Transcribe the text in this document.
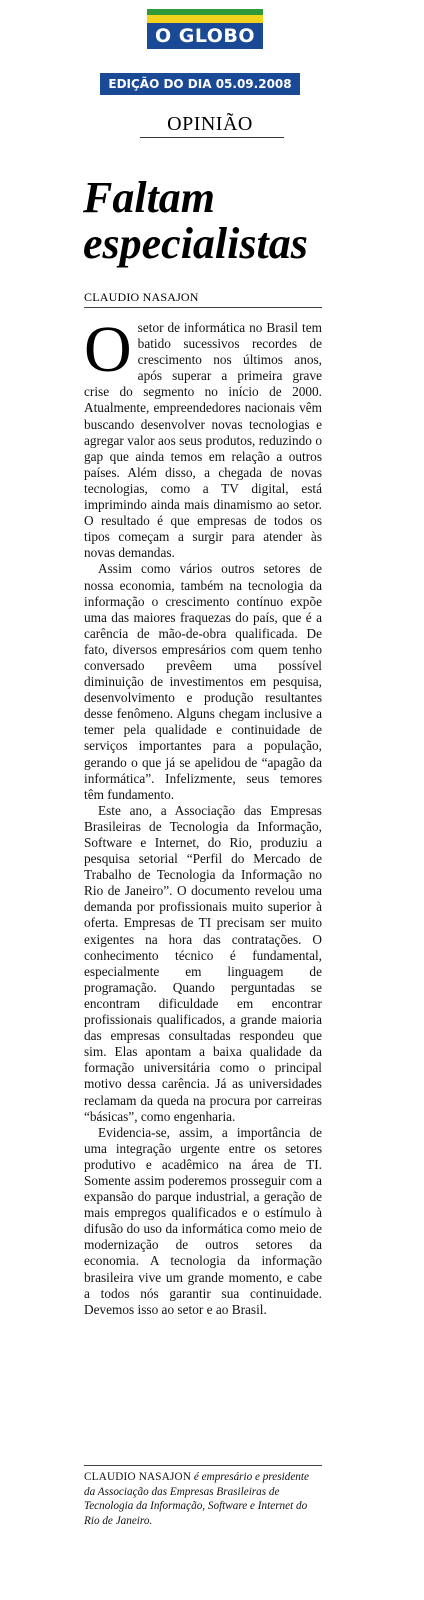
O GLOBO
EDIÇÃO DO DIA 05.09.2008
OPINIÃO
Faltam especialistas
CLAUDIO NASAJON

Osetor de informática no Brasil tem batido sucessivos recordes de crescimento nos últimos anos, após superar a primeira grave crise do segmento no início de 2000. Atualmente, empreendedores nacionais vêm buscando desenvolver novas tecnologias e agregar valor aos seus produtos, reduzindo o gap que ainda temos em relação a outros países. Além disso, a chegada de novas tecnologias, como a TV digital, está imprimindo ainda mais dinamismo ao setor. O resultado é que empresas de todos os tipos começam a surgir para atender às novas demandas.

Assim como vários outros setores de nossa economia, também na tecnologia da informação o crescimento contínuo expõe uma das maiores fraquezas do país, que é a carência de mão-de-obra qualificada. De fato, diversos empresários com quem tenho conversado prevêem uma possível diminuição de investimentos em pesquisa, desenvolvimento e produção resultantes desse fenômeno. Alguns chegam inclusive a temer pela qualidade e continuidade de serviços importantes para a população, gerando o que já se apelidou de “apagão da informática”. Infelizmente, seus temores têm fundamento.

Este ano, a Associação das Empresas Brasileiras de Tecnologia da Informação, Software e Internet, do Rio, produziu a pesquisa setorial “Perfil do Mercado de Trabalho de Tecnologia da Informação no Rio de Janeiro”. O documento revelou uma demanda por profissionais muito superior à oferta. Empresas de TI precisam ser muito exigentes na hora das contratações. O conhecimento técnico é fundamental, especialmente em linguagem de programação. Quando perguntadas se encontram dificuldade em encontrar profissionais qualificados, a grande maioria das empresas consultadas respondeu que sim. Elas apontam a baixa qualidade da formação universitária como o principal motivo dessa carência. Já as universidades reclamam da queda na procura por carreiras “básicas”, como engenharia.

Evidencia-se, assim, a importância de uma integração urgente entre os setores produtivo e acadêmico na área de TI. Somente assim poderemos prosseguir com a expansão do parque industrial, a geração de mais empregos qualificados e o estímulo à difusão do uso da informática como meio de modernização de outros setores da economia. A tecnologia da informação brasileira vive um grande momento, e cabe a todos nós garantir sua continuidade. Devemos isso ao setor e ao Brasil.

CLAUDIO NASAJON é empresário e presidente da Associação das Empresas Brasileiras de Tecnologia da Informação, Software e Internet do Rio de Janeiro.
